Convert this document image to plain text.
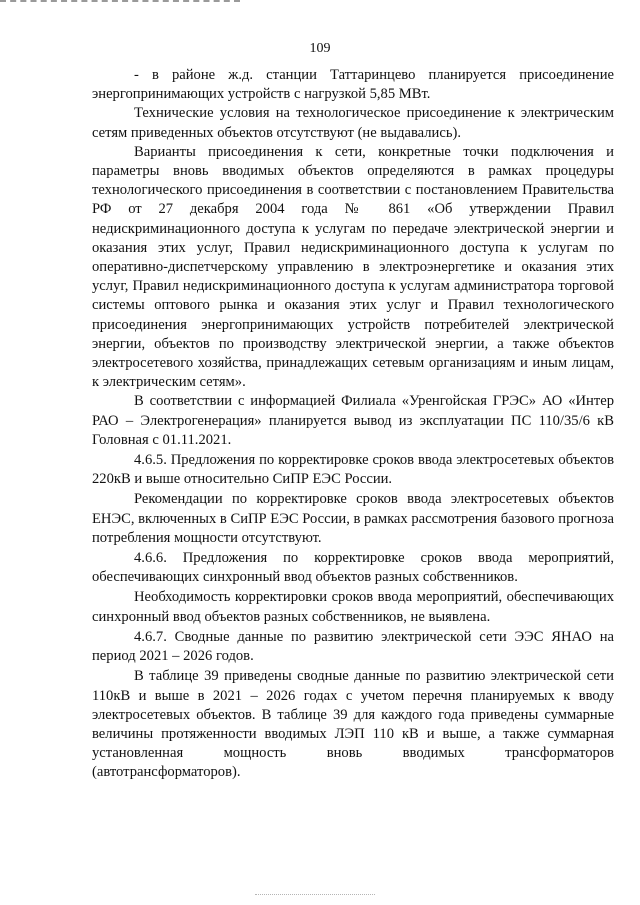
109

- в районе ж.д. станции Таттаринцево планируется присоединение энергопринимающих устройств с нагрузкой 5,85 МВт.

Технические условия на технологическое присоединение к электрическим сетям приведенных объектов отсутствуют (не выдавались).

Варианты присоединения к сети, конкретные точки подключения и параметры вновь вводимых объектов определяются в рамках процедуры технологического присоединения в соответствии с постановлением Правительства РФ от 27 декабря 2004 года № 861 «Об утверждении Правил недискриминационного доступа к услугам по передаче электрической энергии и оказания этих услуг, Правил недискриминационного доступа к услугам по оперативно-диспетчерскому управлению в электроэнергетике и оказания этих услуг, Правил недискриминационного доступа к услугам администратора торговой системы оптового рынка и оказания этих услуг и Правил технологического присоединения энергопринимающих устройств потребителей электрической энергии, объектов по производству электрической энергии, а также объектов электросетевого хозяйства, принадлежащих сетевым организациям и иным лицам, к электрическим сетям».

В соответствии с информацией Филиала «Уренгойская ГРЭС» АО «Интер РАО – Электрогенерация» планируется вывод из эксплуатации ПС 110/35/6 кВ Головная с 01.11.2021.

4.6.5. Предложения по корректировке сроков ввода электросетевых объектов 220кВ и выше относительно СиПР ЕЭС России.

Рекомендации по корректировке сроков ввода электросетевых объектов ЕНЭС, включенных в СиПР ЕЭС России, в рамках рассмотрения базового прогноза потребления мощности отсутствуют.

4.6.6. Предложения по корректировке сроков ввода мероприятий, обеспечивающих синхронный ввод объектов разных собственников.

Необходимость корректировки сроков ввода мероприятий, обеспечивающих синхронный ввод объектов разных собственников, не выявлена.

4.6.7. Сводные данные по развитию электрической сети ЭЭС ЯНАО на период 2021 – 2026 годов.

В таблице 39 приведены сводные данные по развитию электрической сети 110кВ и выше в 2021 – 2026 годах с учетом перечня планируемых к вводу электросетевых объектов. В таблице 39 для каждого года приведены суммарные величины протяженности вводимых ЛЭП 110 кВ и выше, а также суммарная установленная мощность вновь вводимых трансформаторов (автотрансформаторов).
